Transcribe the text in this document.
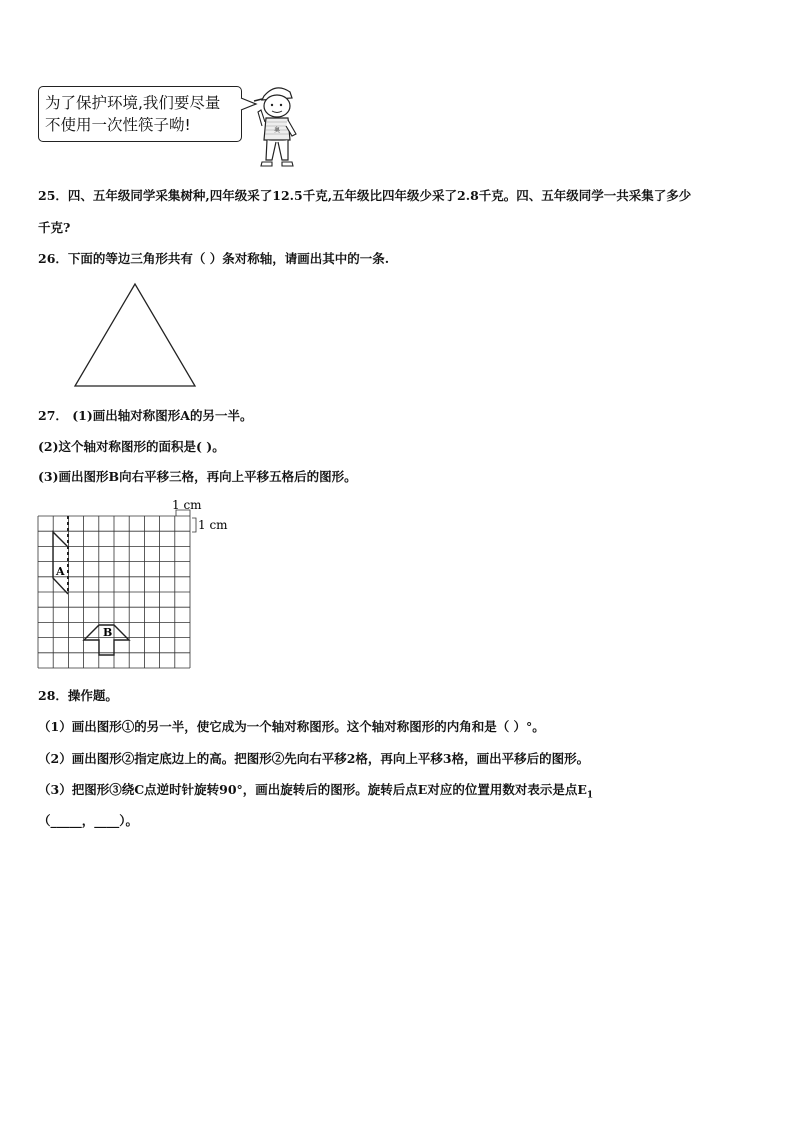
为了保护环境,我们要尽量
不使用一次性筷子呦!	奥
25．四、五年级同学采集树种,四年级采了12.5千克,五年级比四年级少采了2.8千克。四、五年级同学一共采集了多少
千克?
26．下面的等边三角形共有（ ）条对称轴，请画出其中的一条.
27． (1)画出轴对称图形A的另一半。
(2)这个轴对称图形的面积是( )。
(3)画出图形B向右平移三格，再向上平移五格后的图形。
1 cm
1 cm
A
B
28．操作题。
（1）画出图形①的另一半，使它成为一个轴对称图形。这个轴对称图形的内角和是（ ）°。
（2）画出图形②指定底边上的高。把图形②先向右平移2格，再向上平移3格，画出平移后的图形。
（3）把图形③绕C点逆时针旋转90°，画出旋转后的图形。旋转后点E对应的位置用数对表示是点$E_1$
（_____，____）。
